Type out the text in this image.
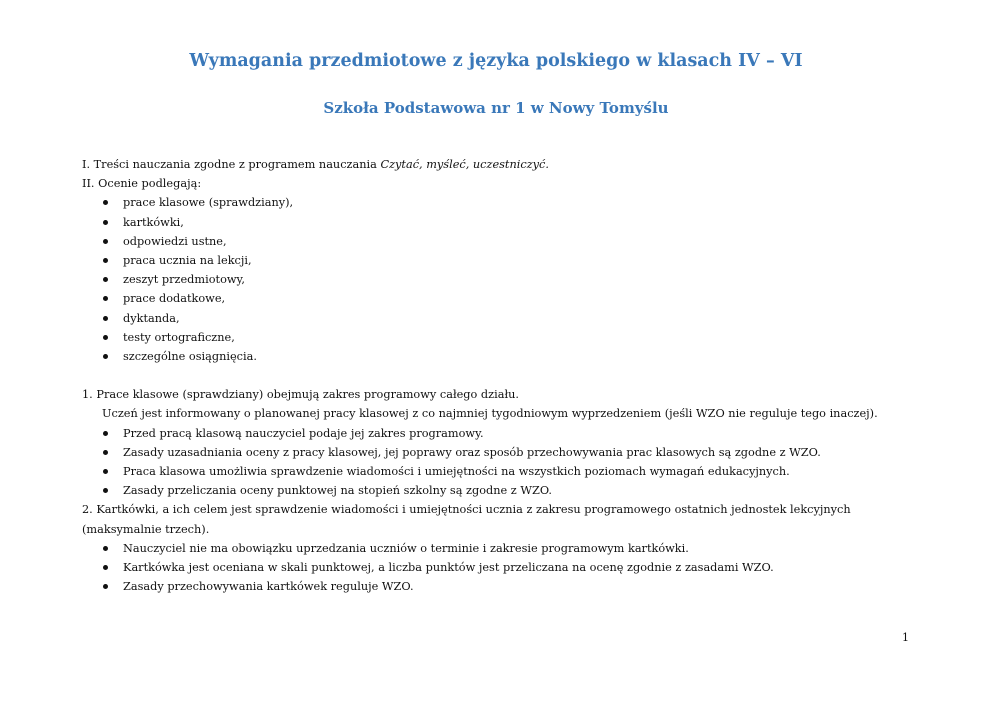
Wymagania przedmiotowe z języka polskiego w klasach IV – VI
Szkoła Podstawowa nr 1 w Nowy Tomyślu
I. Treści nauczania zgodne z programem nauczania Czytać, myśleć, uczestniczyć.
II. Ocenie podlegają:
prace klasowe (sprawdziany),
kartkówki,
odpowiedzi ustne,
praca ucznia na lekcji,
zeszyt przedmiotowy,
prace dodatkowe,
dyktanda,
testy ortograficzne,
szczególne osiągnięcia.
1. Prace klasowe (sprawdziany) obejmują zakres programowy całego działu.
Uczeń jest informowany o planowanej pracy klasowej z co najmniej tygodniowym wyprzedzeniem (jeśli WZO nie reguluje tego inaczej).
Przed pracą klasową nauczyciel podaje jej zakres programowy.
Zasady uzasadniania oceny z pracy klasowej, jej poprawy oraz sposób przechowywania prac klasowych są zgodne z WZO.
Praca klasowa umożliwia sprawdzenie wiadomości i umiejętności na wszystkich poziomach wymagań edukacyjnych.
Zasady przeliczania oceny punktowej na stopień szkolny są zgodne z WZO.
2. Kartkówki, a ich celem jest sprawdzenie wiadomości i umiejętności ucznia z zakresu programowego ostatnich jednostek lekcyjnych (maksymalnie trzech).
Nauczyciel nie ma obowiązku uprzedzania uczniów o terminie i zakresie programowym kartkówki.
Kartkówka jest oceniana w skali punktowej, a liczba punktów jest przeliczana na ocenę zgodnie z zasadami WZO.
Zasady przechowywania kartkówek reguluje WZO.
1
